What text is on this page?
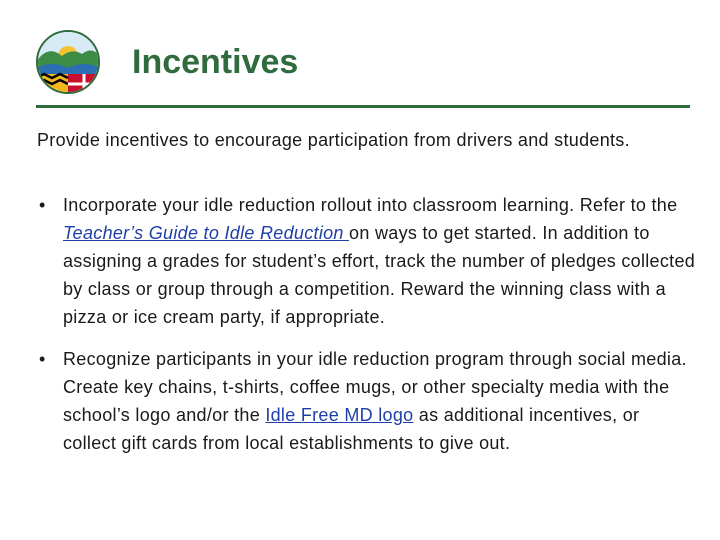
Incentives
Provide incentives to encourage participation from drivers and students.
• Incorporate your idle reduction rollout into classroom learning. Refer to the Teacher’s Guide to Idle Reduction on ways to get started. In addition to assigning a grades for student’s effort, track the number of pledges collected by class or group through a competition. Reward the winning class with a pizza or ice cream party, if appropriate.
• Recognize participants in your idle reduction program through social media. Create key chains, t-shirts, coffee mugs, or other specialty media with the school’s logo and/or the Idle Free MD logo as additional incentives, or collect gift cards from local establishments to give out.
